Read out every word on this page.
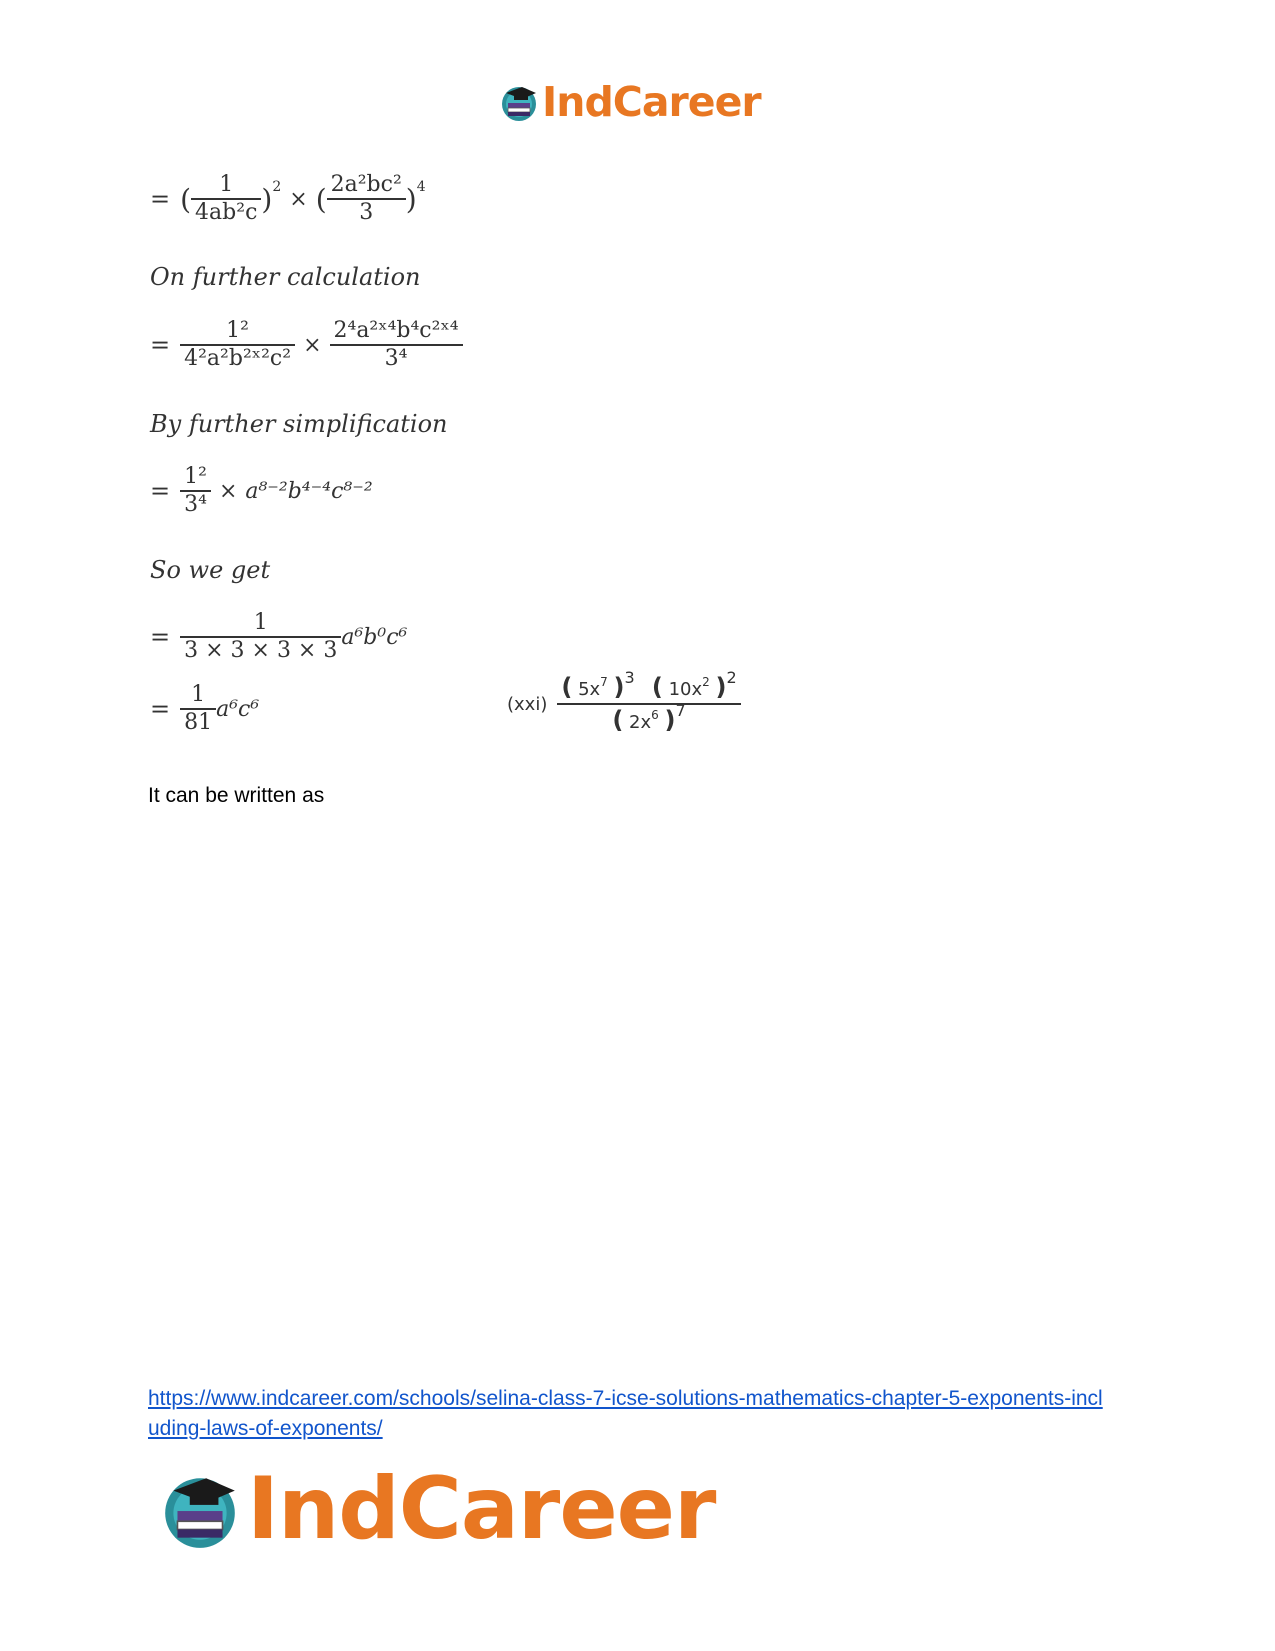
IndCareer
= ( $\frac{1}{\text{4ab²c}}$ ) 2 × ( $\frac{\text{2a²bc²}}{3}$ ) 4
On further calculation
= $\frac{\text{1²}}{\text{4²a²b²ˣ²c²}} \times \frac{\text{2⁴a²ˣ⁴b⁴c²ˣ⁴}}{\text{3⁴}}$
By further simplification
= $\frac{\text{1²}}{\text{3⁴}} \times a^{8-2}b^{4-4}c^{8-2}$
So we get
= $\frac{1}{3 \times 3 \times 3 \times 3} a^6b^0c^6$
= $\frac{1}{81} a^6c^6$	$(xxi) \frac{( 5x^7 )3 ( 10x^2 )2}{( 2x^6 )7}$
It can be written as
https://www.indcareer.com/schools/selina-class-7-icse-solutions-mathematics-chapter-5-exponents-including-laws-of-exponents/
IndCareer
